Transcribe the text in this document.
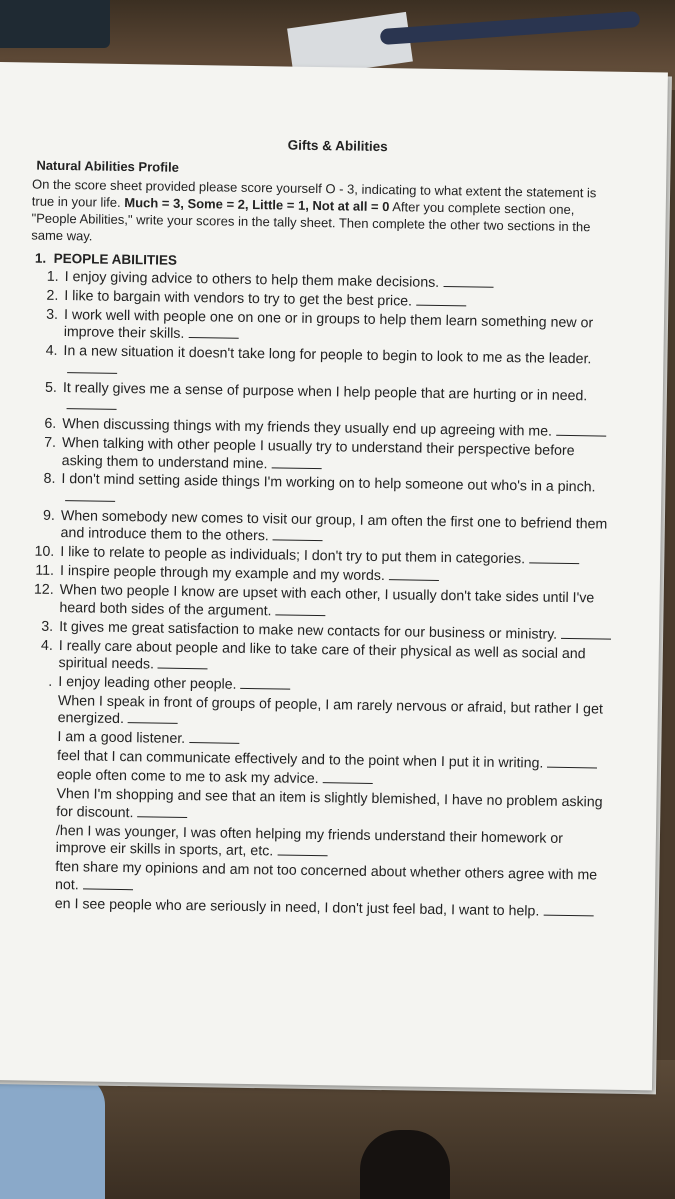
Gifts & Abilities
Natural Abilities Profile
On the score sheet provided please score yourself O - 3, indicating to what extent the statement is true in your life. Much = 3, Some = 2, Little = 1, Not at all = 0 After you complete section one, "People Abilities," write your scores in the tally sheet. Then complete the other two sections in the same way.
1. PEOPLE ABILITIES
1. I enjoy giving advice to others to help them make decisions.
2. I like to bargain with vendors to try to get the best price.
3. I work well with people one on one or in groups to help them learn something new or improve their skills.
4. In a new situation it doesn't take long for people to begin to look to me as the leader.
5. It really gives me a sense of purpose when I help people that are hurting or in need.
6. When discussing things with my friends they usually end up agreeing with me.
7. When talking with other people I usually try to understand their perspective before asking them to understand mine.
8. I don't mind setting aside things I'm working on to help someone out who's in a pinch.
9. When somebody new comes to visit our group, I am often the first one to befriend them and introduce them to the others.
10. I like to relate to people as individuals; I don't try to put them in categories.
11. I inspire people through my example and my words.
12. When two people I know are upset with each other, I usually don't take sides until I've heard both sides of the argument.
3. It gives me great satisfaction to make new contacts for our business or ministry.
4. I really care about people and like to take care of their physical as well as social and spiritual needs.
. I enjoy leading other people.
When I speak in front of groups of people, I am rarely nervous or afraid, but rather I get energized.
I am a good listener.
feel that I can communicate effectively and to the point when I put it in writing.
eople often come to me to ask my advice.
Vhen I'm shopping and see that an item is slightly blemished, I have no problem asking for discount.
/hen I was younger, I was often helping my friends understand their homework or improve eir skills in sports, art, etc.
ften share my opinions and am not too concerned about whether others agree with me not.
en I see people who are seriously in need, I don't just feel bad, I want to help.
